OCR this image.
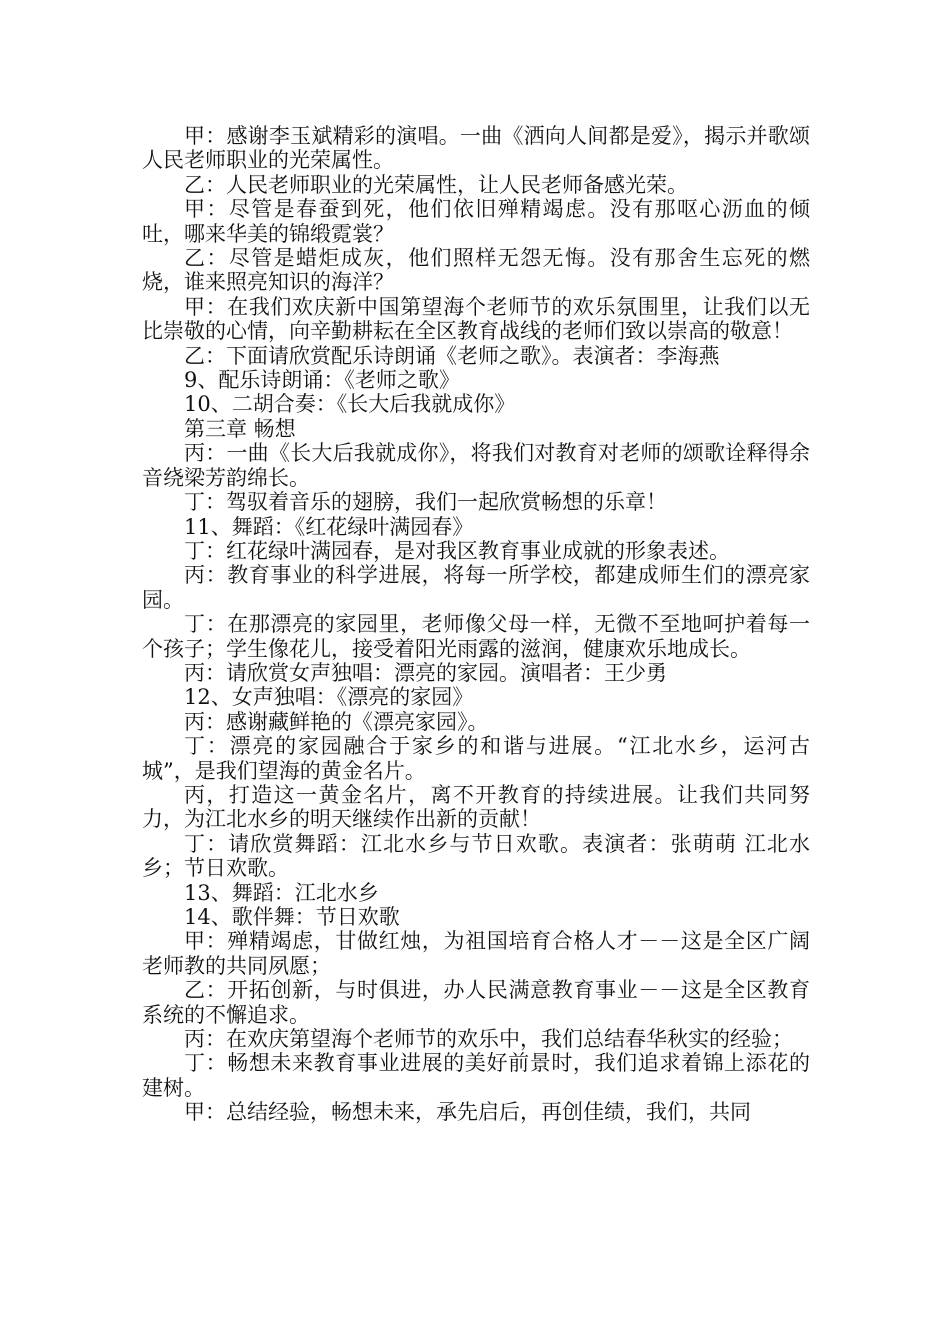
甲：感谢李玉斌精彩的演唱。一曲《洒向人间都是爱》，揭示并歌颂人民老师职业的光荣属性。

乙：人民老师职业的光荣属性，让人民老师备感光荣。

甲：尽管是春蚕到死，他们依旧殚精竭虑。没有那呕心沥血的倾吐，哪来华美的锦缎霓裳？

乙：尽管是蜡炬成灰，他们照样无怨无悔。没有那舍生忘死的燃烧，谁来照亮知识的海洋？

甲：在我们欢庆新中国第望海个老师节的欢乐氛围里，让我们以无比崇敬的心情，向辛勤耕耘在全区教育战线的老师们致以崇高的敬意！

乙：下面请欣赏配乐诗朗诵《老师之歌》。表演者：李海燕

9、配乐诗朗诵：《老师之歌》

10、二胡合奏：《长大后我就成你》

第三章 畅想

丙：一曲《长大后我就成你》，将我们对教育对老师的颂歌诠释得余音绕梁芳韵绵长。

丁：驾驭着音乐的翅膀，我们一起欣赏畅想的乐章！

11、舞蹈：《红花绿叶满园春》

丁：红花绿叶满园春，是对我区教育事业成就的形象表述。

丙：教育事业的科学进展，将每一所学校，都建成师生们的漂亮家园。

丁：在那漂亮的家园里，老师像父母一样，无微不至地呵护着每一个孩子；学生像花儿，接受着阳光雨露的滋润，健康欢乐地成长。

丙：请欣赏女声独唱：漂亮的家园。演唱者：王少勇

12、女声独唱：《漂亮的家园》

丙：感谢藏鲜艳的《漂亮家园》。

丁：漂亮的家园融合于家乡的和谐与进展。“江北水乡，运河古城”，是我们望海的黄金名片。

丙，打造这一黄金名片，离不开教育的持续进展。让我们共同努力，为江北水乡的明天继续作出新的贡献！

丁：请欣赏舞蹈：江北水乡与节日欢歌。表演者：张萌萌 江北水乡；节日欢歌。

13、舞蹈：江北水乡

14、歌伴舞：节日欢歌

甲：殚精竭虑，甘做红烛，为祖国培育合格人才－－这是全区广阔老师教的共同夙愿；

乙：开拓创新，与时俱进，办人民满意教育事业－－这是全区教育系统的不懈追求。

丙：在欢庆第望海个老师节的欢乐中，我们总结春华秋实的经验；

丁：畅想未来教育事业进展的美好前景时，我们追求着锦上添花的建树。

甲：总结经验，畅想未来，承先启后，再创佳绩，我们，共同
